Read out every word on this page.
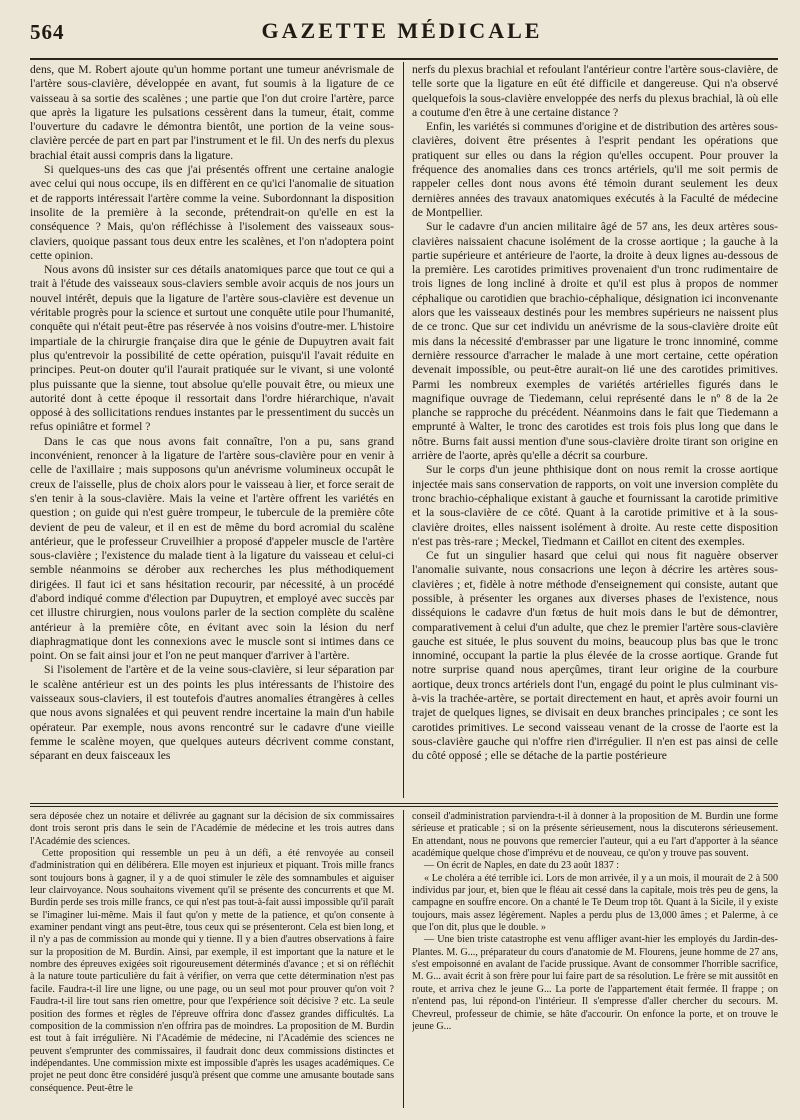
564	GAZETTE MÉDICALE

dens, que M. Robert ajoute qu'un homme portant une tumeur anévrismale de l'artère sous-clavière, développée en avant, fut soumis à la ligature de ce vaisseau à sa sortie des scalènes ; une partie que l'on dut croire l'artère, parce que après la ligature les pulsations cessèrent dans la tumeur, était, comme l'ouverture du cadavre le démontra bientôt, une portion de la veine sous-clavière percée de part en part par l'instrument et le fil. Un des nerfs du plexus brachial était aussi compris dans la ligature.

Si quelques-uns des cas que j'ai présentés offrent une certaine analogie avec celui qui nous occupe, ils en diffèrent en ce qu'ici l'anomalie de situation et de rapports intéressait l'artère comme la veine. Subordonnant la disposition insolite de la première à la seconde, prétendrait-on qu'elle en est la conséquence ? Mais, qu'on réfléchisse à l'isolement des vaisseaux sous-claviers, quoique passant tous deux entre les scalènes, et l'on n'adoptera point cette opinion.

Nous avons dû insister sur ces détails anatomiques parce que tout ce qui a trait à l'étude des vaisseaux sous-claviers semble avoir acquis de nos jours un nouvel intérêt, depuis que la ligature de l'artère sous-clavière est devenue un véritable progrès pour la science et surtout une conquête utile pour l'humanité, conquête qui n'était peut-être pas réservée à nos voisins d'outre-mer. L'histoire impartiale de la chirurgie française dira que le génie de Dupuytren avait fait plus qu'entrevoir la possibilité de cette opération, puisqu'il l'avait réduite en principes. Peut-on douter qu'il l'aurait pratiquée sur le vivant, si une volonté plus puissante que la sienne, tout absolue qu'elle pouvait être, ou mieux une autorité dont à cette époque il ressortait dans l'ordre hiérarchique, n'avait opposé à des sollicitations rendues instantes par le pressentiment du succès un refus opiniâtre et formel ?

Dans le cas que nous avons fait connaître, l'on a pu, sans grand inconvénient, renoncer à la ligature de l'artère sous-clavière pour en venir à celle de l'axillaire ; mais supposons qu'un anévrisme volumineux occupât le creux de l'aisselle, plus de choix alors pour le vaisseau à lier, et force serait de s'en tenir à la sous-clavière. Mais la veine et l'artère offrent les variétés en question ; on guide qui n'est guère trompeur, le tubercule de la première côte devient de peu de valeur, et il en est de même du bord acromial du scalène antérieur, que le professeur Cruveilhier a proposé d'appeler muscle de l'artère sous-clavière ; l'existence du malade tient à la ligature du vaisseau et celui-ci semble néanmoins se dérober aux recherches les plus méthodiquement dirigées. Il faut ici et sans hésitation recourir, par nécessité, à un procédé d'abord indiqué comme d'élection par Dupuytren, et employé avec succès par cet illustre chirurgien, nous voulons parler de la section complète du scalène antérieur à la première côte, en évitant avec soin la lésion du nerf diaphragmatique dont les connexions avec le muscle sont si intimes dans ce point. On se fait ainsi jour et l'on ne peut manquer d'arriver à l'artère.

Si l'isolement de l'artère et de la veine sous-clavière, si leur séparation par le scalène antérieur est un des points les plus intéressants de l'histoire des vaisseaux sous-claviers, il est toutefois d'autres anomalies étrangères à celles que nous avons signalées et qui peuvent rendre incertaine la main d'un habile opérateur. Par exemple, nous avons rencontré sur le cadavre d'une vieille femme le scalène moyen, que quelques auteurs décrivent comme constant, séparant en deux faisceaux les

nerfs du plexus brachial et refoulant l'antérieur contre l'artère sous-clavière, de telle sorte que la ligature en eût été difficile et dangereuse. Qui n'a observé quelquefois la sous-clavière enveloppée des nerfs du plexus brachial, là où elle a coutume d'en être à une certaine distance ?

Enfin, les variétés si communes d'origine et de distribution des artères sous-clavières, doivent être présentes à l'esprit pendant les opérations que pratiquent sur elles ou dans la région qu'elles occupent. Pour prouver la fréquence des anomalies dans ces troncs artériels, qu'il me soit permis de rappeler celles dont nous avons été témoin durant seulement les deux dernières années des travaux anatomiques exécutés à la Faculté de médecine de Montpellier.

Sur le cadavre d'un ancien militaire âgé de 57 ans, les deux artères sous-clavières naissaient chacune isolément de la crosse aortique ; la gauche à la partie supérieure et antérieure de l'aorte, la droite à deux lignes au-dessous de la première. Les carotides primitives provenaient d'un tronc rudimentaire de trois lignes de long incliné à droite et qu'il est plus à propos de nommer céphalique ou carotidien que brachio-céphalique, désignation ici inconvenante alors que les vaisseaux destinés pour les membres supérieurs ne naissent plus de ce tronc. Que sur cet individu un anévrisme de la sous-clavière droite eût mis dans la nécessité d'embrasser par une ligature le tronc innominé, comme dernière ressource d'arracher le malade à une mort certaine, cette opération devenait impossible, ou peut-être aurait-on lié une des carotides primitives. Parmi les nombreux exemples de variétés artérielles figurés dans le magnifique ouvrage de Tiedemann, celui représenté dans le nº 8 de la 2e planche se rapproche du précédent. Néanmoins dans le fait que Tiedemann a emprunté à Walter, le tronc des carotides est trois fois plus long que dans le nôtre. Burns fait aussi mention d'une sous-clavière droite tirant son origine en arrière de l'aorte, après qu'elle a décrit sa courbure.

Sur le corps d'un jeune phthisique dont on nous remit la crosse aortique injectée mais sans conservation de rapports, on voit une inversion complète du tronc brachio-céphalique existant à gauche et fournissant la carotide primitive et la sous-clavière de ce côté. Quant à la carotide primitive et à la sous-clavière droites, elles naissent isolément à droite. Au reste cette disposition n'est pas très-rare ; Meckel, Tiedmann et Caillot en citent des exemples.

Ce fut un singulier hasard que celui qui nous fit naguère observer l'anomalie suivante, nous consacrions une leçon à décrire les artères sous-clavières ; et, fidèle à notre méthode d'enseignement qui consiste, autant que possible, à présenter les organes aux diverses phases de l'existence, nous disséquions le cadavre d'un fœtus de huit mois dans le but de démontrer, comparativement à celui d'un adulte, que chez le premier l'artère sous-clavière gauche est située, le plus souvent du moins, beaucoup plus bas que le tronc innominé, occupant la partie la plus élevée de la crosse aortique. Grande fut notre surprise quand nous aperçûmes, tirant leur origine de la courbure aortique, deux troncs artériels dont l'un, engagé du point le plus culminant vis-à-vis la trachée-artère, se portait directement en haut, et après avoir fourni un trajet de quelques lignes, se divisait en deux branches principales ; ce sont les carotides primitives. Le second vaisseau venant de la crosse de l'aorte est la sous-clavière gauche qui n'offre rien d'irrégulier. Il n'en est pas ainsi de celle du côté opposé ; elle se détache de la partie postérieure

sera déposée chez un notaire et délivrée au gagnant sur la décision de six commissaires dont trois seront pris dans le sein de l'Académie de médecine et les trois autres dans l'Académie des sciences.

Cette proposition qui ressemble un peu à un défi, a été renvoyée au conseil d'administration qui en délibérera. Elle moyen est injurieux et piquant. Trois mille francs sont toujours bons à gagner, il y a de quoi stimuler le zèle des somnambules et aiguiser leur clairvoyance. Nous souhaitons vivement qu'il se présente des concurrents et que M. Burdin perde ses trois mille francs, ce qui n'est pas tout-à-fait aussi impossible qu'il paraît se l'imaginer lui-même. Mais il faut qu'on y mette de la patience, et qu'on consente à examiner pendant vingt ans peut-être, tous ceux qui se présenteront. Cela est bien long, et il n'y a pas de commission au monde qui y tienne. Il y a bien d'autres observations à faire sur la proposition de M. Burdin. Ainsi, par exemple, il est important que la nature et le nombre des épreuves exigées soit rigoureusement déterminés d'avance ; et si on réfléchit à la nature toute particulière du fait à vérifier, on verra que cette détermination n'est pas facile. Faudra-t-il lire une ligne, ou une page, ou un seul mot pour prouver qu'on voit ? Faudra-t-il lire tout sans rien omettre, pour que l'expérience soit décisive ? etc. La seule position des formes et règles de l'épreuve offrira donc d'assez grandes difficultés. La composition de la commission n'en offrira pas de moindres. La proposition de M. Burdin est tout à fait irrégulière. Ni l'Académie de médecine, ni l'Académie des sciences ne peuvent s'emprunter des commissaires, il faudrait donc deux commissions distinctes et indépendantes. Une commission mixte est impossible d'après les usages académiques. Ce projet ne peut donc être considéré jusqu'à présent que comme une amusante boutade sans conséquence. Peut-être le

conseil d'administration parviendra-t-il à donner à la proposition de M. Burdin une forme sérieuse et praticable ; si on la présente sérieusement, nous la discuterons sérieusement. En attendant, nous ne pouvons que remercier l'auteur, qui a eu l'art d'apporter à la séance académique quelque chose d'imprévu et de nouveau, ce qu'on y trouve pas souvent.

— On écrit de Naples, en date du 23 août 1837 :

« Le choléra a été terrible ici. Lors de mon arrivée, il y a un mois, il mourait de 2 à 500 individus par jour, et, bien que le fléau ait cessé dans la capitale, mois très peu de gens, la campagne en souffre encore. On a chanté le Te Deum trop tôt. Quant à la Sicile, il y existe toujours, mais assez légèrement. Naples a perdu plus de 13,000 âmes ; et Palerme, à ce que l'on dit, plus que le double. »

— Une bien triste catastrophe est venu affliger avant-hier les employés du Jardin-des-Plantes. M. G..., préparateur du cours d'anatomie de M. Flourens, jeune homme de 27 ans, s'est empoisonné en avalant de l'acide prussique. Avant de consommer l'horrible sacrifice, M. G... avait écrit à son frère pour lui faire part de sa résolution. Le frère se mit aussitôt en route, et arriva chez le jeune G... La porte de l'appartement était fermée. Il frappe ; on n'entend pas, lui répond-on l'intérieur. Il s'empresse d'aller chercher du secours. M. Chevreul, professeur de chimie, se hâte d'accourir. On enfonce la porte, et on trouve le jeune G...
